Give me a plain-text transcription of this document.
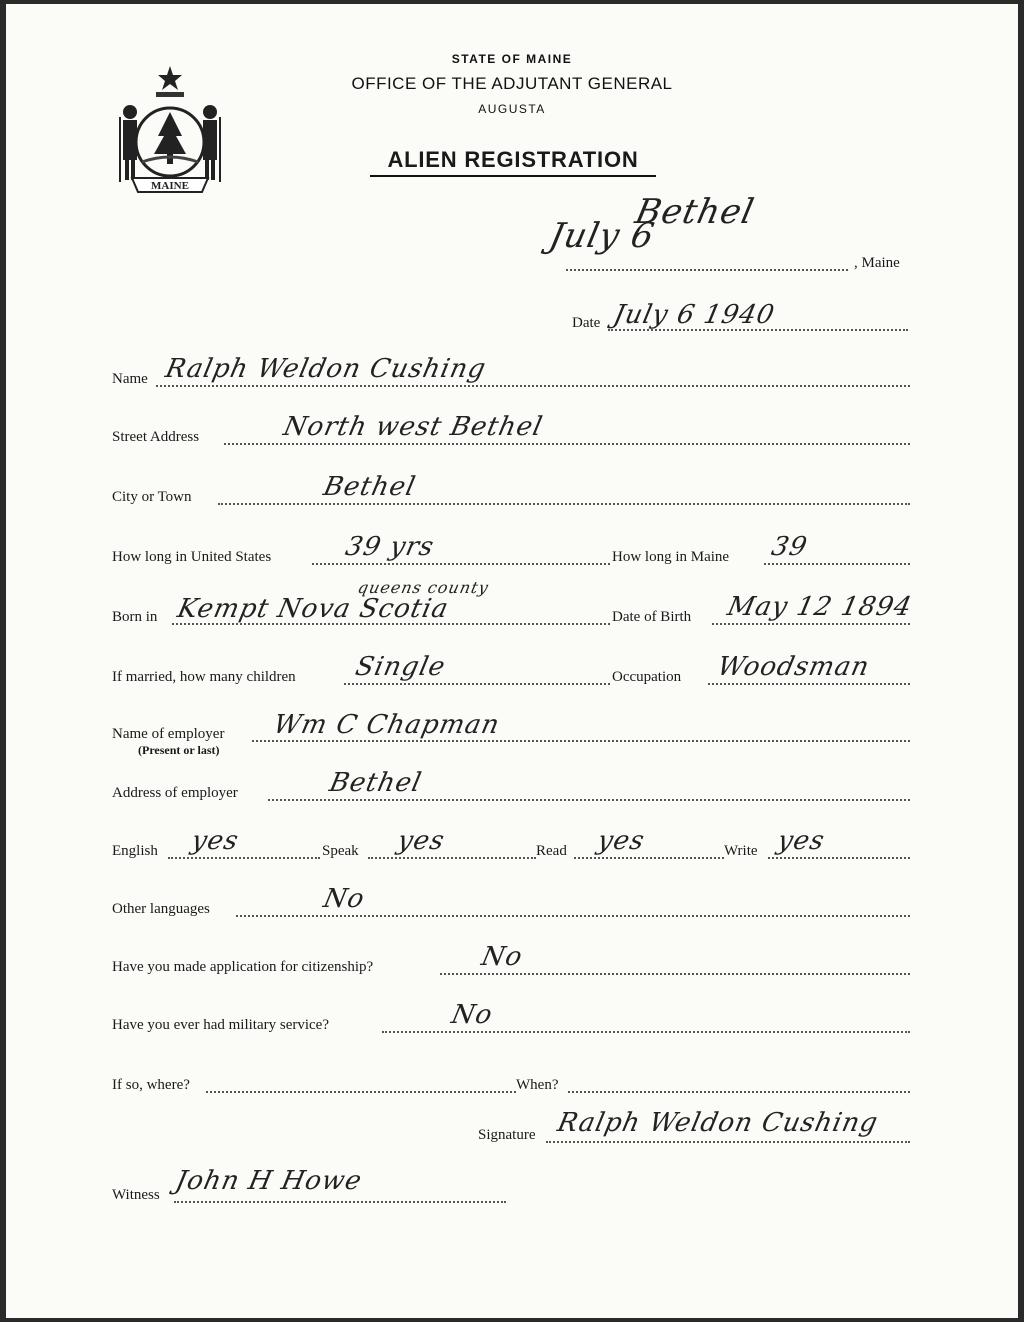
MAINE
STATE OF MAINE
OFFICE OF THE ADJUTANT GENERAL
AUGUSTA
ALIEN REGISTRATION
July 6
Bethel
, Maine
Date July 6 1940
Name Ralph Weldon Cushing
Street Address	North west Bethel
City or Town	Bethel
How long in United States	39 yrs	How long in Maine 39
queens county
Born in Kempt Nova Scotia	Date of Birth May 12 1894
If married, how many children Single	Occupation Woodsman
Name of employer
(Present or last)
Wm C Chapman
Address of employer	Bethel
English yes	Speak yes	Read yes	Write yes
Other languages	No
Have you made application for citizenship?	No
Have you ever had military service?	No
If so, where?	When?
Signature Ralph Weldon Cushing
Witness John H Howe
